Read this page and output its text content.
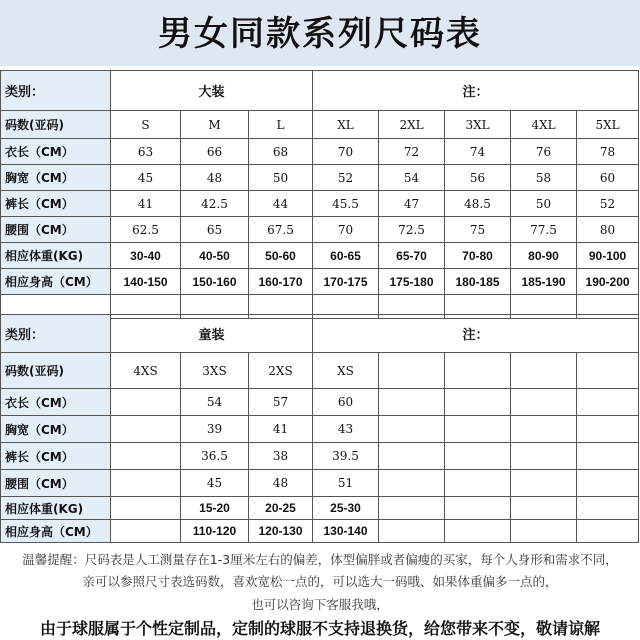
男女同款系列尺码表
类别：	大装			注：				
码数(亚码)	S	M	L	XL	2XL	3XL	4XL	5XL
衣长（CM）	63	66	68	70	72	74	76	78
胸宽（CM）	45	48	50	52	54	56	58	60
裤长（CM）	41	42.5	44	45.5	47	48.5	50	52
腰围（CM）	62.5	65	67.5	70	72.5	75	77.5	80
相应体重(KG)	30-40	40-50	50-60	60-65	65-70	70-80	80-90	90-100
相应身高（CM）	140-150	150-160	160-170	170-175	175-180	180-185	185-190	190-200

类别：	童装			注：				
码数(亚码)	4XS	3XS	2XS	XS				
衣长（CM）		54	57	60				
胸宽（CM）		39	41	43				
裤长（CM）		36.5	38	39.5				
腰围（CM）		45	48	51				
相应体重(KG)		15-20	20-25	25-30				
相应身高（CM）		110-120	120-130	130-140				
温馨提醒：尺码表是人工测量存在1-3厘米左右的偏差，体型偏胖或者偏瘦的买家，每个人身形和需求不同，
亲可以参照尺寸表选码数，喜欢宽松一点的，可以选大一码哦、如果体重偏多一点的，
也可以咨询下客服我哦，
由于球服属于个性定制品，定制的球服不支持退换货，给您带来不变，敬请谅解
